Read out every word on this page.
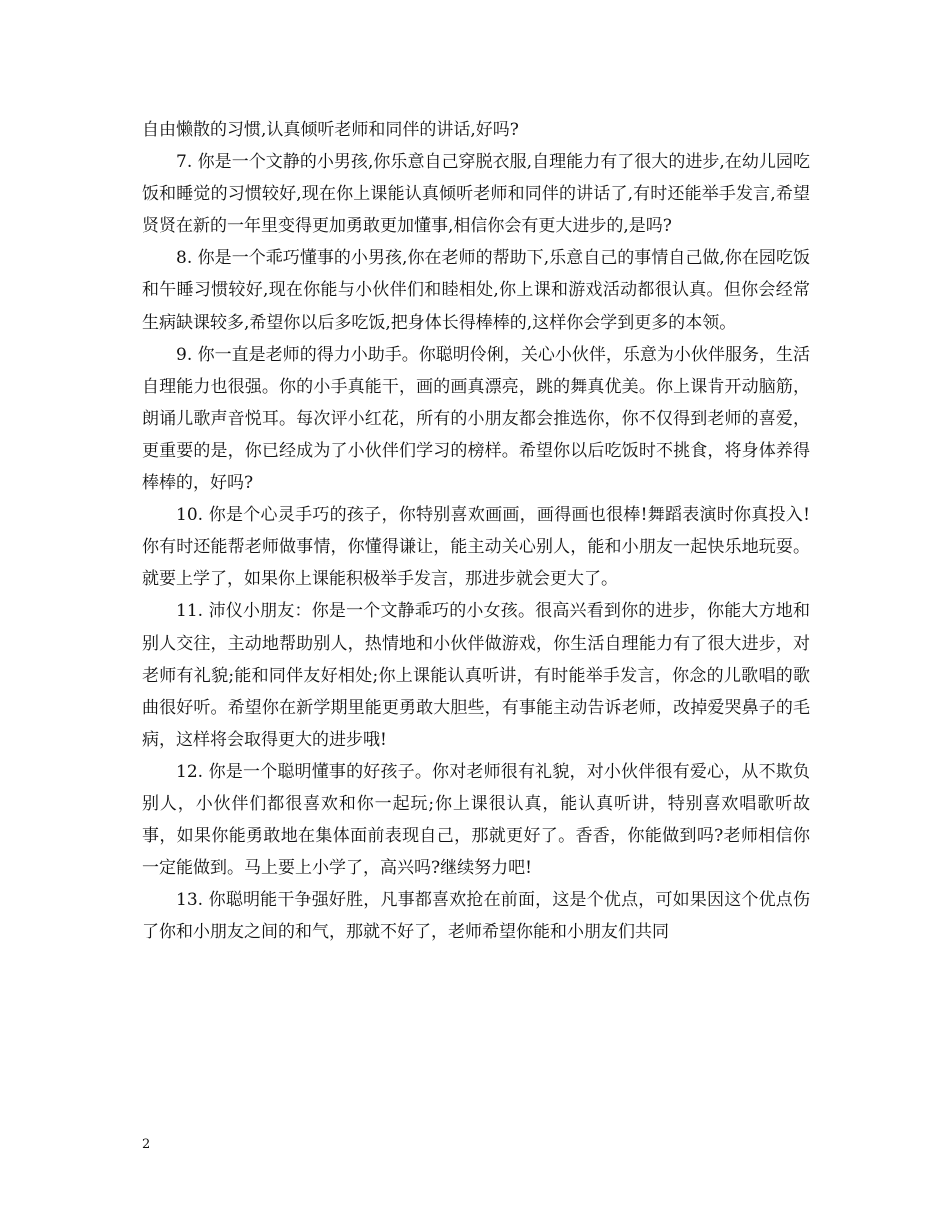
自由懒散的习惯,认真倾听老师和同伴的讲话,好吗?

7. 你是一个文静的小男孩,你乐意自己穿脱衣服,自理能力有了很大的进步,在幼儿园吃饭和睡觉的习惯较好,现在你上课能认真倾听老师和同伴的讲话了,有时还能举手发言,希望贤贤在新的一年里变得更加勇敢更加懂事,相信你会有更大进步的,是吗?

8. 你是一个乖巧懂事的小男孩,你在老师的帮助下,乐意自己的事情自己做,你在园吃饭和午睡习惯较好,现在你能与小伙伴们和睦相处,你上课和游戏活动都很认真。但你会经常生病缺课较多,希望你以后多吃饭,把身体长得棒棒的,这样你会学到更多的本领。

9. 你一直是老师的得力小助手。你聪明伶俐，关心小伙伴，乐意为小伙伴服务，生活自理能力也很强。你的小手真能干，画的画真漂亮，跳的舞真优美。你上课肯开动脑筋，朗诵儿歌声音悦耳。每次评小红花，所有的小朋友都会推选你，你不仅得到老师的喜爱，更重要的是，你已经成为了小伙伴们学习的榜样。希望你以后吃饭时不挑食，将身体养得棒棒的，好吗?

10. 你是个心灵手巧的孩子，你特别喜欢画画，画得画也很棒!舞蹈表演时你真投入!你有时还能帮老师做事情，你懂得谦让，能主动关心别人，能和小朋友一起快乐地玩耍。就要上学了，如果你上课能积极举手发言，那进步就会更大了。

11. 沛仪小朋友：你是一个文静乖巧的小女孩。很高兴看到你的进步，你能大方地和别人交往，主动地帮助别人，热情地和小伙伴做游戏，你生活自理能力有了很大进步，对老师有礼貌;能和同伴友好相处;你上课能认真听讲，有时能举手发言，你念的儿歌唱的歌曲很好听。希望你在新学期里能更勇敢大胆些，有事能主动告诉老师，改掉爱哭鼻子的毛病，这样将会取得更大的进步哦!

12. 你是一个聪明懂事的好孩子。你对老师很有礼貌，对小伙伴很有爱心，从不欺负别人，小伙伴们都很喜欢和你一起玩;你上课很认真，能认真听讲，特别喜欢唱歌听故事，如果你能勇敢地在集体面前表现自己，那就更好了。香香，你能做到吗?老师相信你一定能做到。马上要上小学了，高兴吗?继续努力吧!

13. 你聪明能干争强好胜，凡事都喜欢抢在前面，这是个优点，可如果因这个优点伤了你和小朋友之间的和气，那就不好了，老师希望你能和小朋友们共同

2
